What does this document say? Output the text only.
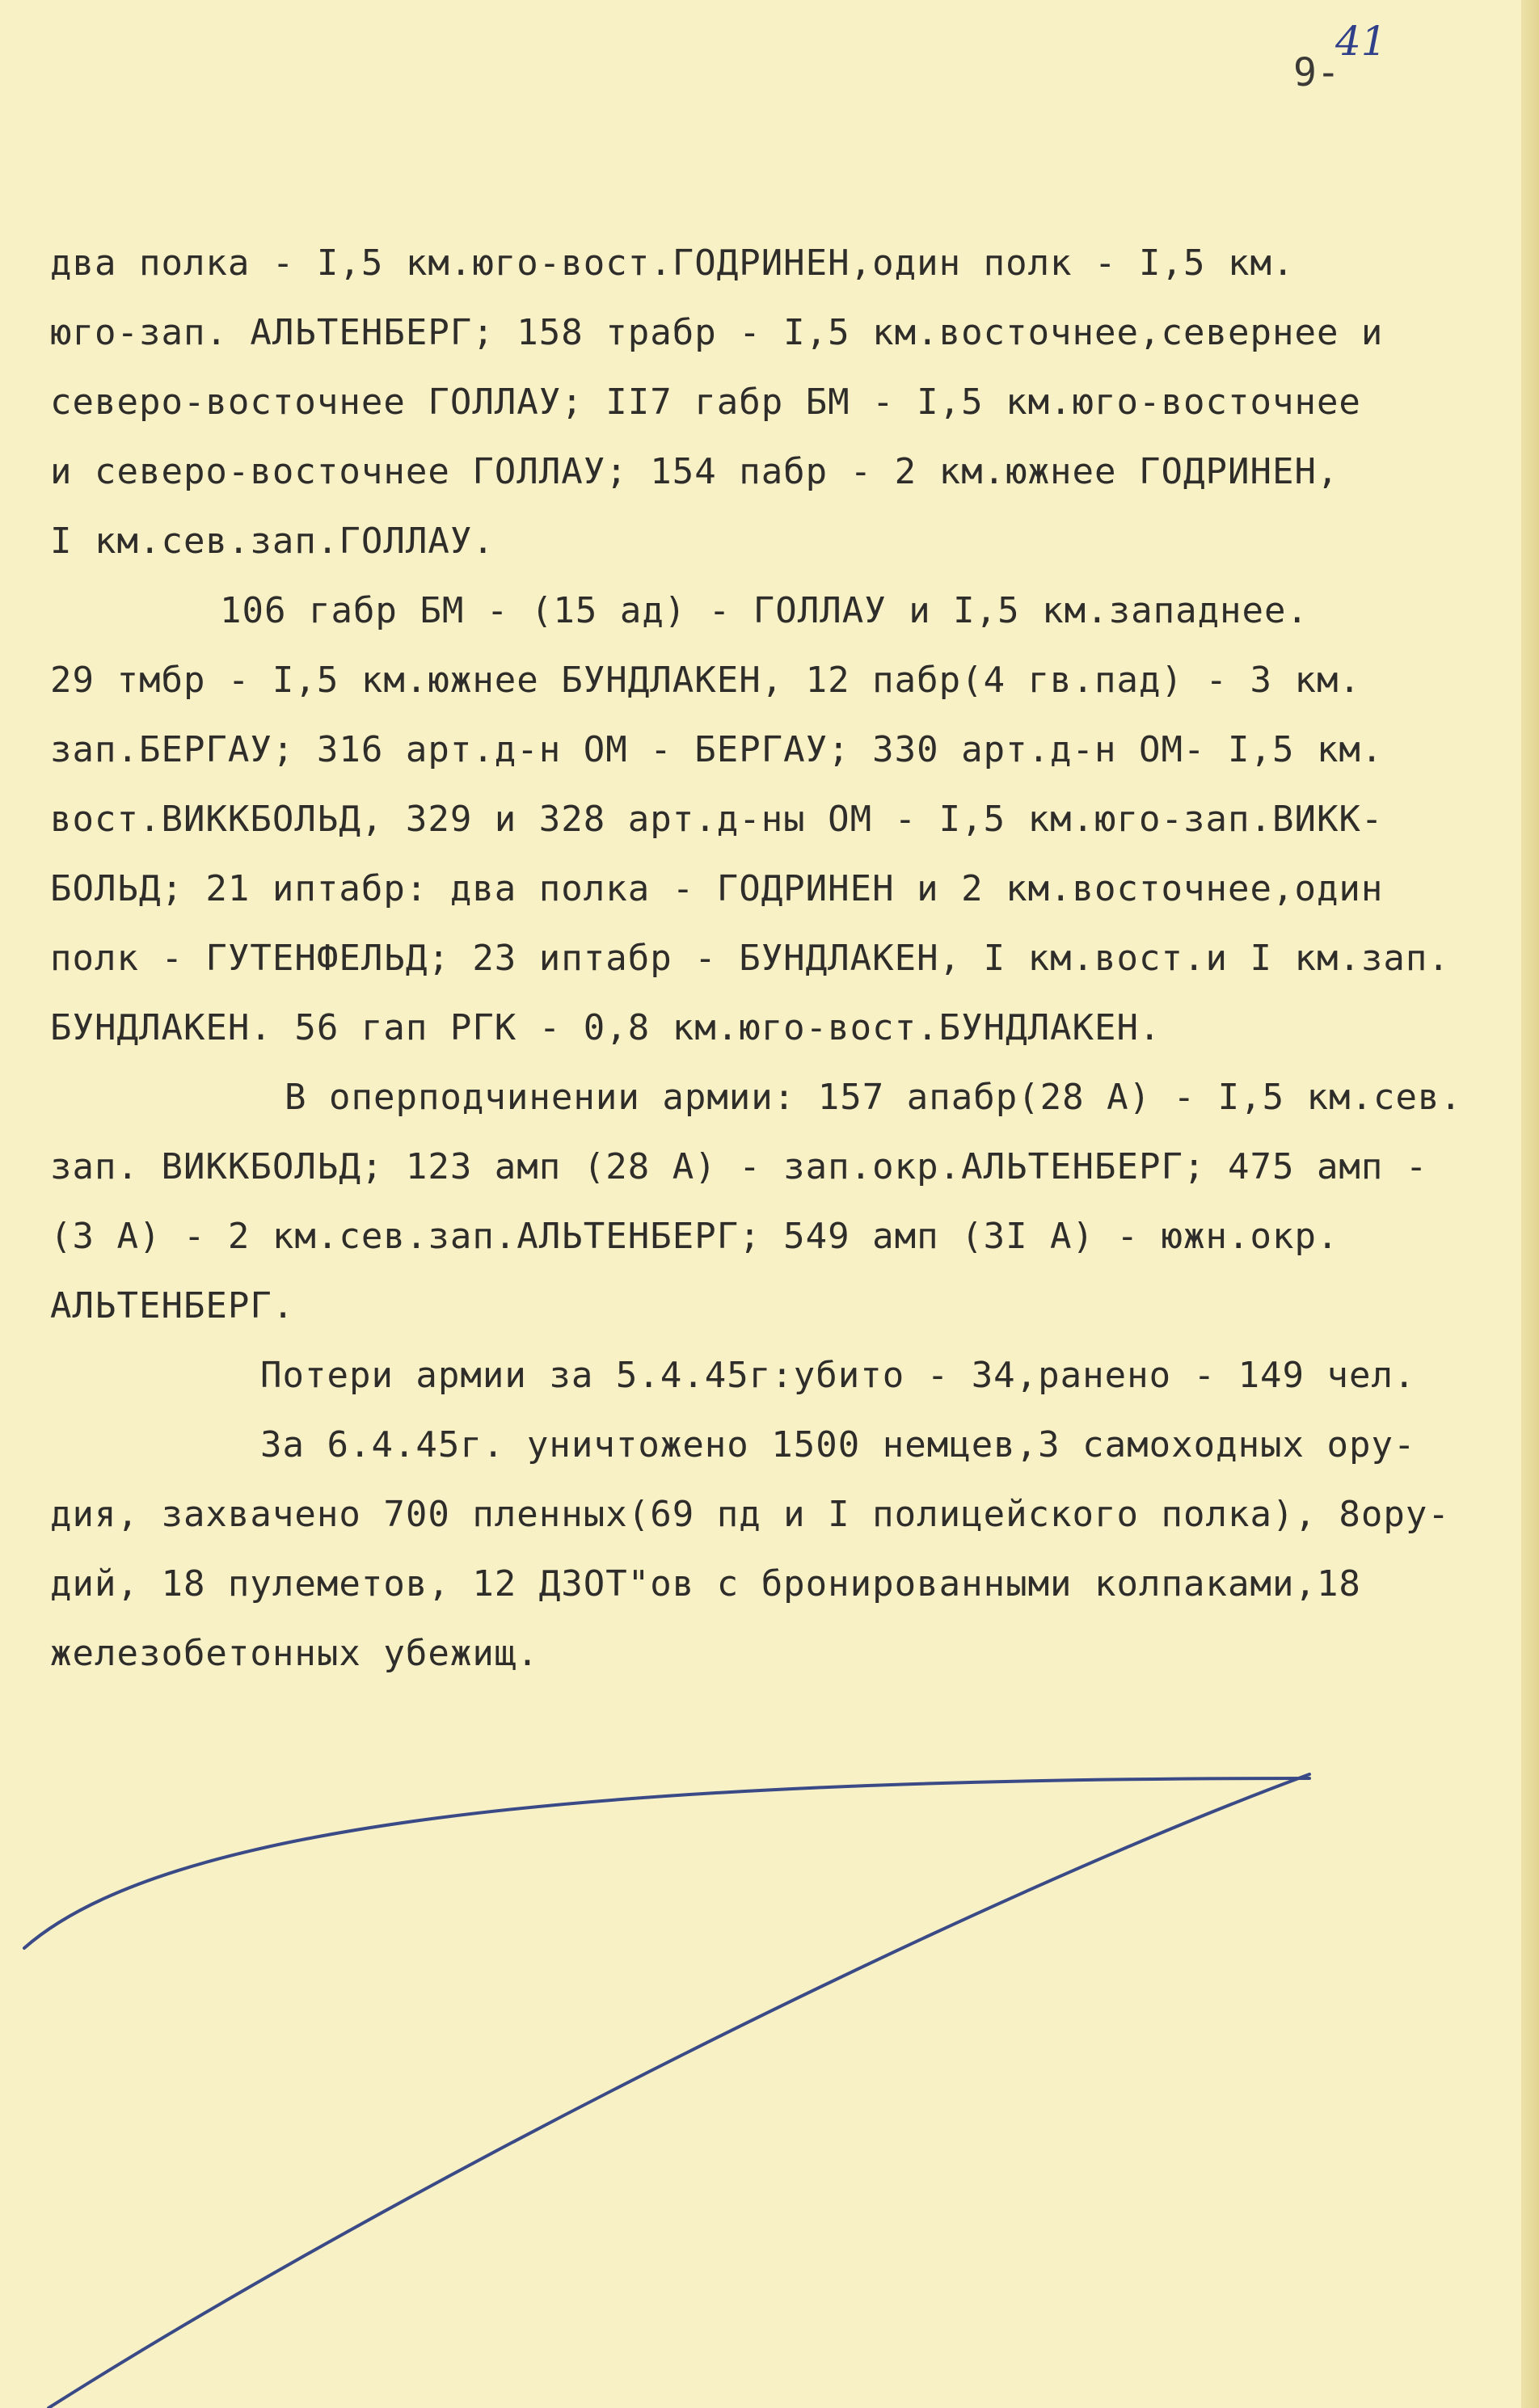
41
9-
два полка - I,5 км.юго-вост.ГОДРИНЕН,один полк - I,5 км.
юго-зап. АЛЬТЕНБЕРГ; 158 трабр - I,5 км.восточнее,севернее и
северо-восточнее ГОЛЛАУ; II7 габр БМ - I,5 км.юго-восточнее
и северо-восточнее ГОЛЛАУ; 154 пабр - 2 км.южнее ГОДРИНЕН,
I км.сев.зап.ГОЛЛАУ.
106 габр БМ - (15 ад) - ГОЛЛАУ и I,5 км.западнее.
29 тмбр - I,5 км.южнее БУНДЛАКЕН, 12 пабр(4 гв.пад) - 3 км.
зап.БЕРГАУ; 316 арт.д-н ОМ - БЕРГАУ; 330 арт.д-н ОМ- I,5 км.
вост.ВИККБОЛЬД, 329 и 328 арт.д-ны ОМ - I,5 км.юго-зап.ВИКК-
БОЛЬД; 21 иптабр: два полка - ГОДРИНЕН и 2 км.восточнее,один
полк - ГУТЕНФЕЛЬД; 23 иптабр - БУНДЛАКЕН, I км.вост.и I км.зап.
БУНДЛАКЕН. 56 гап РГК - 0,8 км.юго-вост.БУНДЛАКЕН.
В оперподчинении армии: 157 апабр(28 А) - I,5 км.сев.
зап. ВИККБОЛЬД; 123 амп (28 А) - зап.окр.АЛЬТЕНБЕРГ; 475 амп -
(3 А) - 2 км.сев.зап.АЛЬТЕНБЕРГ; 549 амп (3I А) - южн.окр.
АЛЬТЕНБЕРГ.
Потери армии за 5.4.45г:убито - 34,ранено - 149 чел.
За 6.4.45г. уничтожено 1500 немцев,3 самоходных ору-
дия, захвачено 700 пленных(69 пд и I полицейского полка), 8ору-
дий, 18 пулеметов, 12 ДЗОТ"ов с бронированными колпаками,18
железобетонных убежищ.
